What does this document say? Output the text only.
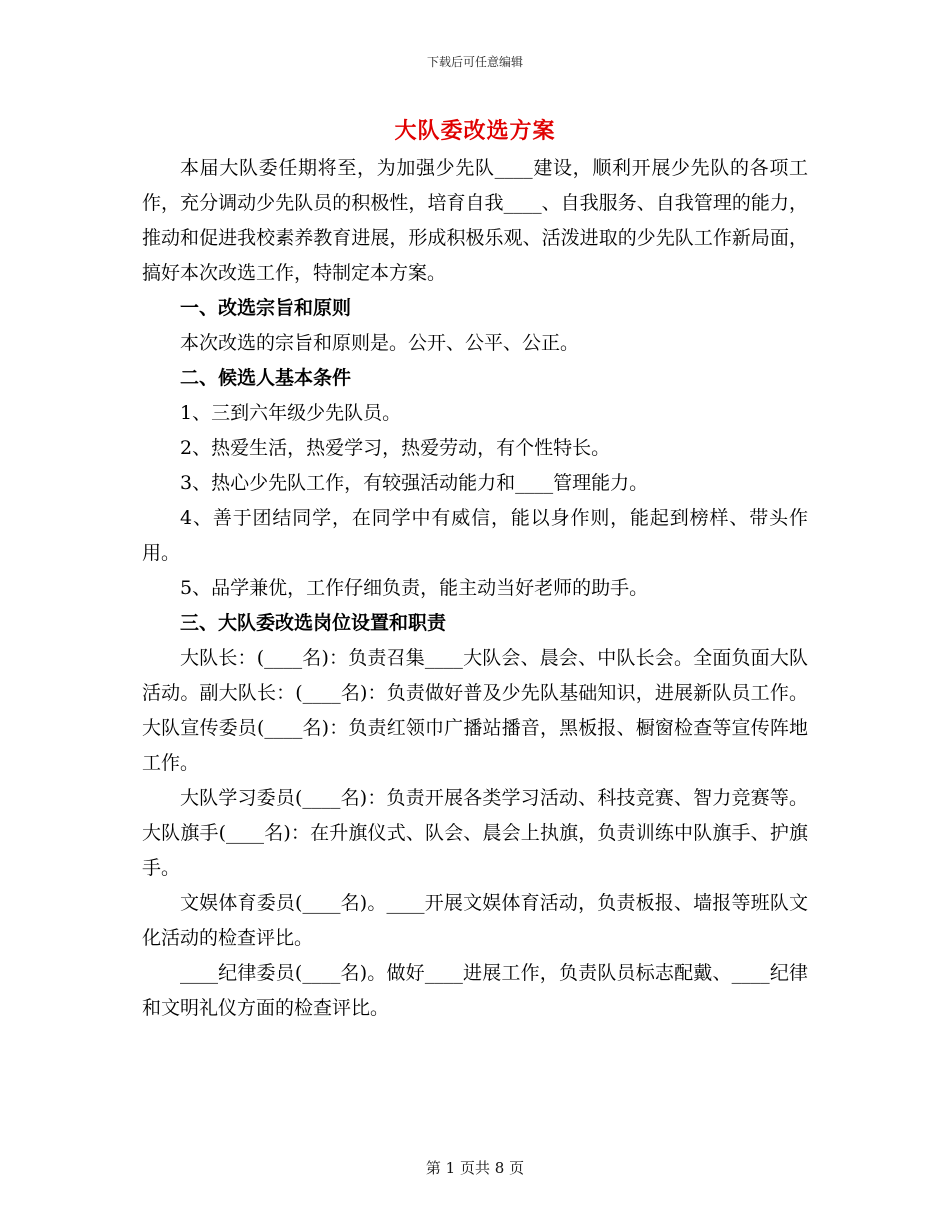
下载后可任意编辑
大队委改选方案

本届大队委任期将至，为加强少先队____建设，顺利开展少先队的各项工作，充分调动少先队员的积极性，培育自我____、自我服务、自我管理的能力，推动和促进我校素养教育进展，形成积极乐观、活泼进取的少先队工作新局面，搞好本次改选工作，特制定本方案。

一、改选宗旨和原则

本次改选的宗旨和原则是。公开、公平、公正。

二、候选人基本条件

1、三到六年级少先队员。

2、热爱生活，热爱学习，热爱劳动，有个性特长。

3、热心少先队工作，有较强活动能力和____管理能力。

4、善于团结同学，在同学中有威信，能以身作则，能起到榜样、带头作用。

5、品学兼优，工作仔细负责，能主动当好老师的助手。

三、大队委改选岗位设置和职责

大队长：(____名)：负责召集____大队会、晨会、中队长会。全面负面大队活动。副大队长：(____名)：负责做好普及少先队基础知识，进展新队员工作。大队宣传委员(____名)：负责红领巾广播站播音，黑板报、橱窗检查等宣传阵地工作。

大队学习委员(____名)：负责开展各类学习活动、科技竞赛、智力竞赛等。大队旗手(____名)：在升旗仪式、队会、晨会上执旗，负责训练中队旗手、护旗手。

文娱体育委员(____名)。____开展文娱体育活动，负责板报、墙报等班队文化活动的检查评比。

____纪律委员(____名)。做好____进展工作，负责队员标志配戴、____纪律和文明礼仪方面的检查评比。

第 1 页共 8 页
